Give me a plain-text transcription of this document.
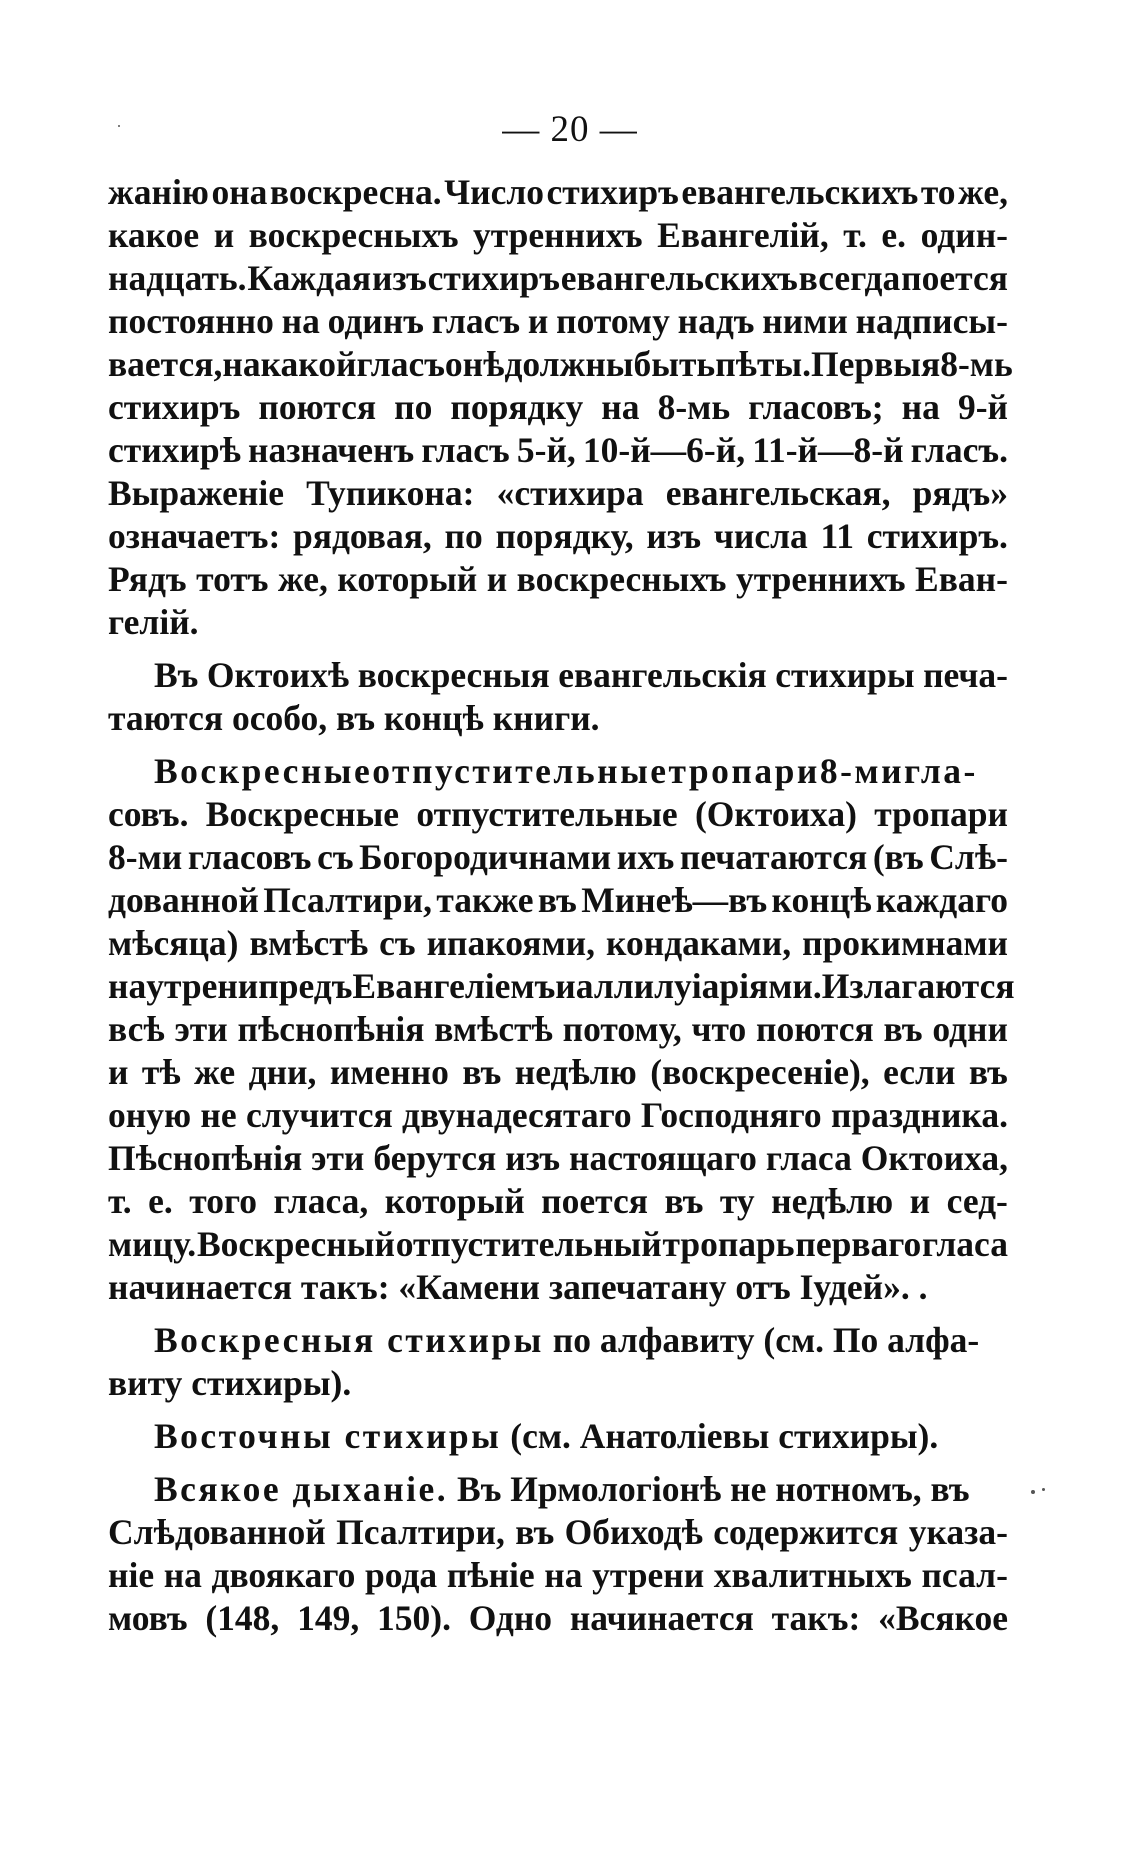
— 20 —
жанію она воскресна. Число стихиръ евангельскихъ то же,
какое и воскресныхъ утреннихъ Евангелій, т. е. один-
надцать. Каждая изъ стихиръ евангельскихъ всегда поется
постоянно на одинъ гласъ и потому надъ ними надписы-
вается, на какой гласъ онѣ должны быть пѣты. Первыя 8-мь
стихиръ поются по порядку на 8-мь гласовъ; на 9-й
стихирѣ назначенъ гласъ 5-й, 10-й—6-й, 11-й—8-й гласъ.
Выраженіе Тупикона: «стихира евангельская, рядъ»
означаетъ: рядовая, по порядку, изъ числа 11 стихиръ.
Рядъ тотъ же, который и воскресныхъ утреннихъ Еван-
гелій.
Въ Октоихѣ воскресныя евангельскія стихиры печа-
таются особо, въ концѣ книги.
Воскресныеотпустительныетропари8-мигла-
совъ. Воскресные отпустительные (Октоиха) тропари
8-ми гласовъ съ Богородичнами ихъ печатаются (въ Слѣ-
дованной Псалтири, также въ Минеѣ—въ концѣ каждаго
мѣсяца) вмѣстѣ съ ипакоями, кондаками, прокимнами
на утрени предъ Евангеліемъ и аллилуіаріями. Излагаются
всѣ эти пѣснопѣнія вмѣстѣ потому, что поются въ одни
и тѣ же дни, именно въ недѣлю (воскресеніе), если въ
оную не случится двунадесятаго Господняго праздника.
Пѣснопѣнія эти берутся изъ настоящаго гласа Октоиха,
т. е. того гласа, который поется въ ту недѣлю и сед-
мицу. Воскресный отпустительный тропарь перваго гласа
начинается такъ: «Камени запечатану отъ Іудей». .
Воскресныя стихиры по алфавиту (см. По алфа-
виту стихиры).
Восточны стихиры (см. Анатоліевы стихиры).
Всякое дыханіе. Въ Ирмологіонѣ не нотномъ, въ
Слѣдованной Псалтири, въ Обиходѣ содержится указа-
ніе на двоякаго рода пѣніе на утрени хвалитныхъ псал-
мовъ (148, 149, 150). Одно начинается такъ: «Всякое
